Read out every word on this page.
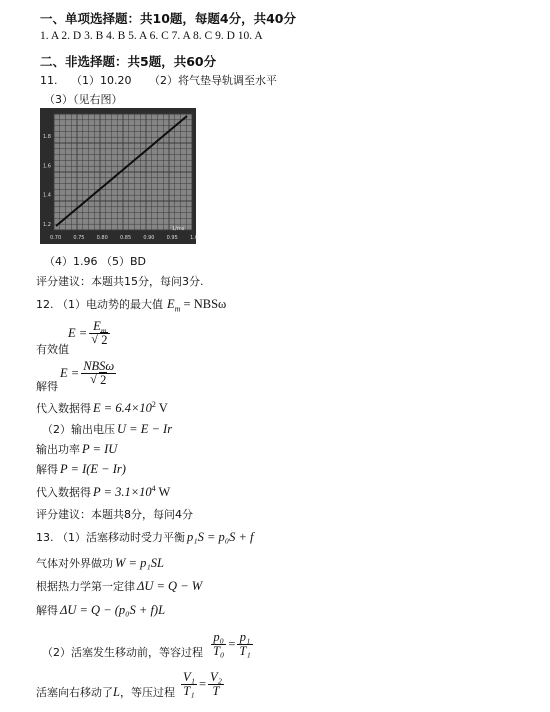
一、单项选择题：共10题，每题4分，共40分
1. A 2. D 3. B 4. B 5. A 6. C 7. A 8. C 9. D 10. A
二、非选择题：共5题，共60分
11. （1）10.20 （2）将气垫导轨调至水平
（3）（见右图）
1.8
1.6
1.4
1.2
0.70 0.75 0.80 0.85 0.90 0.95 1.0
1/ms
（4）1.96 （5）BD
评分建议：本题共15分，每问3分.
12. （1）电动势的最大值 $E_m = NBS\omega$
$E = E_m$
√ 2
有效值
E = NBSω
√ 2
解得
代入数据得 $E = 6.4\times 10^2$ V
（2）输出电压 U = E − Ir
输出功率 P = IU
解得 P = I(E − Ir)
代入数据得 $P = 3.1\times 10^4$ W
评分建议：本题共8分，每问4分
13. （1）活塞移动时受力平衡 p₁S = p₀S + f
气体对外界做功 W = p₁SL
根据热力学第一定律 ΔU = Q − W
解得 ΔU = Q − (p₀S + f)L
（2）活塞发生移动前，等容过程 $\frac{\text{p₀}}{\text{T₀}} = \frac{\text{p₁}}{\text{T₁}}$
活塞向右移动了 L ，等压过程 $\frac{\text{V₁}}{\text{T₁}} = \frac{\text{V₂}}{T}$
